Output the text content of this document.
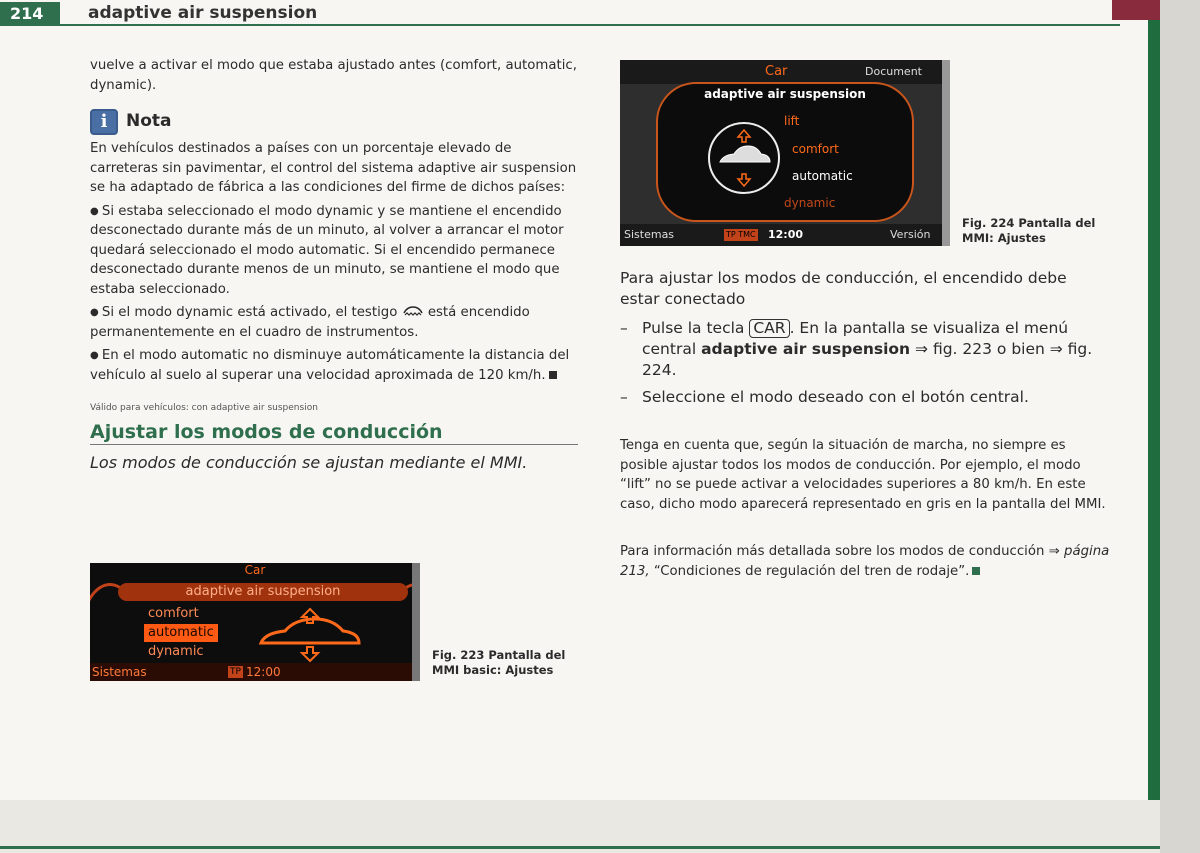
214	adaptive air suspension

vuelve a activar el modo que estaba ajustado antes (comfort, automatic, dynamic).

i	Nota

En vehículos destinados a países con un porcentaje elevado de carreteras sin pavimentar, el control del sistema adaptive air suspension se ha adaptado de fábrica a las condiciones del firme de dichos países:

● Si estaba seleccionado el modo dynamic y se mantiene el encendido desconectado durante más de un minuto, al volver a arrancar el motor quedará seleccionado el modo automatic. Si el encendido permanece desconectado durante menos de un minuto, se mantiene el modo que estaba seleccionado.

● Si el modo dynamic está activado, el testigo está encendido permanentemente en el cuadro de instrumentos.

● En el modo automatic no disminuye automáticamente la distancia del vehículo al suelo al superar una velocidad aproximada de 120 km/h.

Válido para vehículos: con adaptive air suspension
Ajustar los modos de conducción
Los modos de conducción se ajustan mediante el MMI.
Car
adaptive air suspension
comfort
automatic
dynamic
Sistemas	TP 12:00
Fig. 223 Pantalla del
MMI basic: Ajustes
Car	Document
adaptive air suspension
lift
comfort
automatic
dynamic
Sistemas	TP TMC 12:00	Versión
Fig. 224 Pantalla del
MMI: Ajustes

Para ajustar los modos de conducción, el encendido debe estar conectado

– Pulse la tecla CAR . En la pantalla se visualiza el menú central adaptive air suspension ⇒ fig. 223 o bien ⇒ fig. 224.
– Seleccione el modo deseado con el botón central.

Tenga en cuenta que, según la situación de marcha, no siempre es posible ajustar todos los modos de conducción. Por ejemplo, el modo “lift” no se puede activar a velocidades superiores a 80 km/h. En este caso, dicho modo aparecerá representado en gris en la pantalla del MMI.

Para información más detallada sobre los modos de conducción ⇒ página 213, “Condiciones de regulación del tren de rodaje”.
